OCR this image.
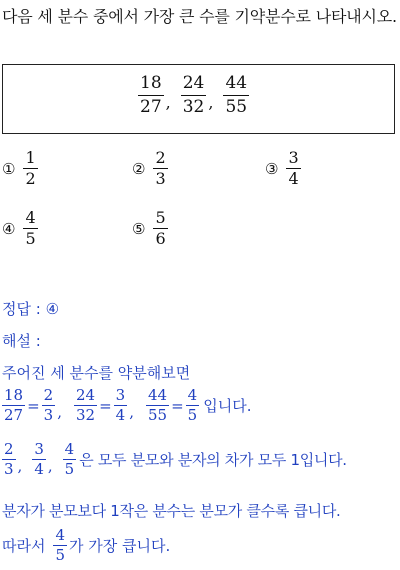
다음 세 분수 중에서 가장 큰 수를 기약분수로 나타내시오.
$\frac{18}{27}$ , $\frac{24}{32}$ , $\frac{44}{55}$
① $\frac{1}{2}$	② $\frac{2}{3}$	③ $\frac{3}{4}$
④ $\frac{4}{5}$	⑤ $\frac{5}{6}$
정답 : ④
해설 :
주어진 세 분수를 약분해보면
$\frac{18}{27} = \frac{2}{3}$ , $\frac{24}{32} = \frac{3}{4}$ , $\frac{44}{55} = \frac{4}{5}$ 입니다.
$\frac{2}{3}$ , $\frac{3}{4}$ , $\frac{4}{5}$ 은 모두 분모와 분자의 차가 모두 1입니다.
분자가 분모보다 1작은 분수는 분모가 클수록 큽니다.
따라서 $\frac{4}{5}$ 가 가장 큽니다.
